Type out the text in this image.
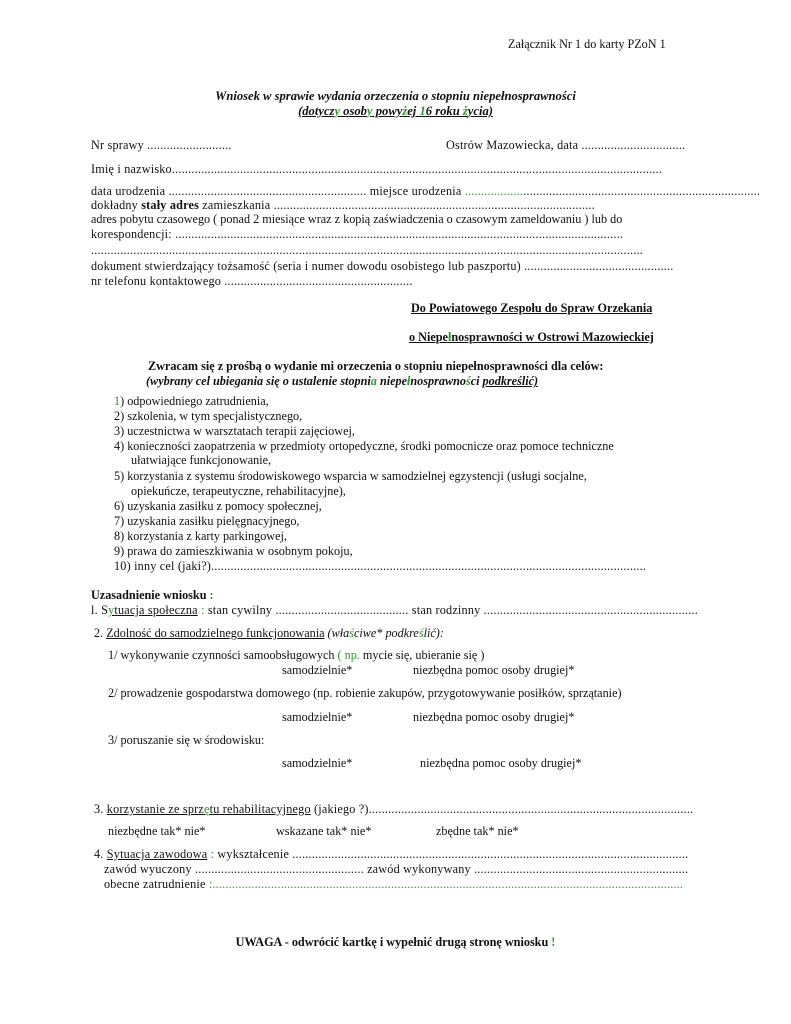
Załącznik Nr 1 do karty PZoN 1
Wniosek w sprawie wydania orzeczenia o stopniu niepełnosprawności
(dotyczy osoby powyżej 16 roku życia)
Nr sprawy ..........................	Ostrów Mazowiecka, data ................................
Imię i nazwisko.......................................................................................................................................................
data urodzenia ............................................................. miejsce urodzenia ...........................................................................................
dokładny stały adres zamieszkania ...................................................................................................
adres pobytu czasowego ( ponad 2 miesiące wraz z kopią zaświadczenia o czasowym zameldowaniu ) lub do
korespondencji: ..........................................................................................................................................
..........................................................................................................................................................................
dokument stwierdzający tożsamość (seria i numer dowodu osobistego lub paszportu) ..............................................
nr telefonu kontaktowego ..........................................................
Do Powiatowego Zespołu do Spraw Orzekania
o Niepełnosprawności w Ostrowi Mazowieckiej
Zwracam się z prośbą o wydanie mi orzeczenia o stopniu niepełnosprawności dla celów:
(wybrany cel ubiegania się o ustalenie stopnia niepełnosprawności podkreślić)
1) odpowiedniego zatrudnienia,
2) szkolenia, w tym specjalistycznego,
3) uczestnictwa w warsztatach terapii zajęciowej,
4) konieczności zaopatrzenia w przedmioty ortopedyczne, środki pomocnicze oraz pomoce techniczne
ułatwiające funkcjonowanie,
5) korzystania z systemu środowiskowego wsparcia w samodzielnej egzystencji (usługi socjalne,
opiekuńcze, terapeutyczne, rehabilitacyjne),
6) uzyskania zasiłku z pomocy społecznej,
7) uzyskania zasiłku pielęgnacyjnego,
8) korzystania z karty parkingowej,
9) prawa do zamieszkiwania w osobnym pokoju,
10) inny cel (jaki?)......................................................................................................................................
Uzasadnienie wniosku :
l. Sytuacja społeczna : stan cywilny ......................................... stan rodzinny ..................................................................
2. Zdolność do samodzielnego funkcjonowania (właściwe* podkreślić):
1/ wykonywanie czynności samoobsługowych ( np. mycie się, ubieranie się )
samodzielnie*	niezbędna pomoc osoby drugiej*
2/ prowadzenie gospodarstwa domowego (np. robienie zakupów, przygotowywanie posiłków, sprzątanie)
samodzielnie*	niezbędna pomoc osoby drugiej*
3/ poruszanie się w środowisku:
samodzielnie*	niezbędna pomoc osoby drugiej*
3. korzystanie ze sprzętu rehabilitacyjnego (jakiego ?)....................................................................................................
niezbędne tak* nie*	wskazane tak* nie*	zbędne tak* nie*
4. Sytuacja zawodowa : wykształcenie ..........................................................................................................................
zawód wyuczony .................................................... zawód wykonywany ..................................................................
obecne zatrudnienie :.................................................................................................................................................
UWAGA - odwrócić kartkę i wypełnić drugą stronę wniosku !
